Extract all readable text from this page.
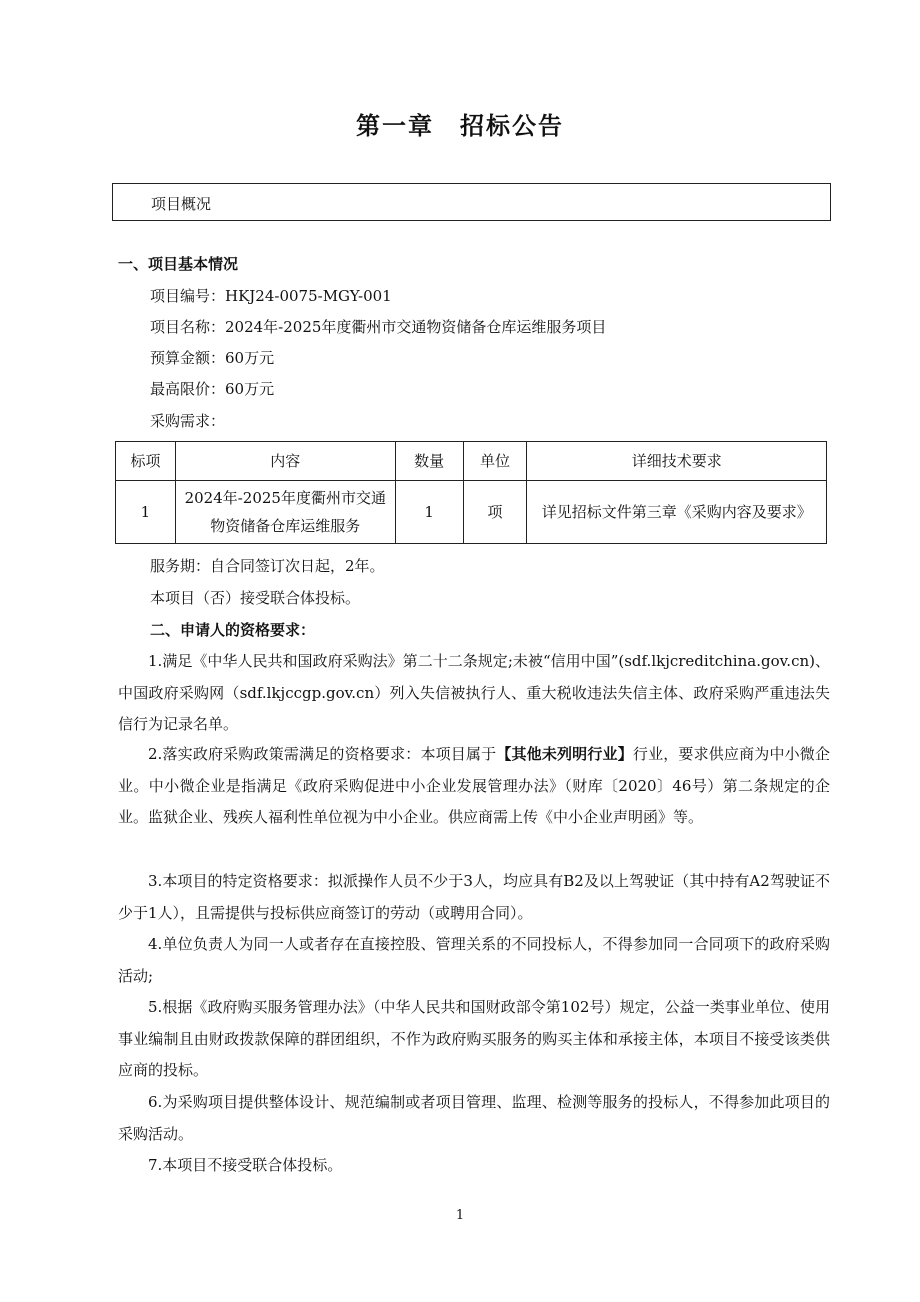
第一章　招标公告
项目概况
一、项目基本情况
项目编号：HKJ24-0075-MGY-001
项目名称：2024年-2025年度衢州市交通物资储备仓库运维服务项目
预算金额：60万元
最高限价：60万元
采购需求：
标项	内容	数量	单位	详细技术要求
1	2024年-2025年度衢州市交通物资储备仓库运维服务	1	项	详见招标文件第三章《采购内容及要求》
服务期：自合同签订次日起，2年。
本项目（否）接受联合体投标。
二、申请人的资格要求：
1.满足《中华人民共和国政府采购法》第二十二条规定;未被“信用中国”(sdf.lkjcreditchina.gov.cn)、中国政府采购网（sdf.lkjccgp.gov.cn）列入失信被执行人、重大税收违法失信主体、政府采购严重违法失信行为记录名单。
2.落实政府采购政策需满足的资格要求：本项目属于【其他未列明行业】行业，要求供应商为中小微企业。中小微企业是指满足《政府采购促进中小企业发展管理办法》（财库〔2020〕46号）第二条规定的企业。监狱企业、残疾人福利性单位视为中小企业。供应商需上传《中小企业声明函》等。
3.本项目的特定资格要求：拟派操作人员不少于3人，均应具有B2及以上驾驶证（其中持有A2驾驶证不少于1人），且需提供与投标供应商签订的劳动（或聘用合同）。
4.单位负责人为同一人或者存在直接控股、管理关系的不同投标人，不得参加同一合同项下的政府采购活动;
5.根据《政府购买服务管理办法》（中华人民共和国财政部令第102号）规定，公益一类事业单位、使用事业编制且由财政拨款保障的群团组织，不作为政府购买服务的购买主体和承接主体，本项目不接受该类供应商的投标。
6.为采购项目提供整体设计、规范编制或者项目管理、监理、检测等服务的投标人，不得参加此项目的采购活动。
7.本项目不接受联合体投标。
1
